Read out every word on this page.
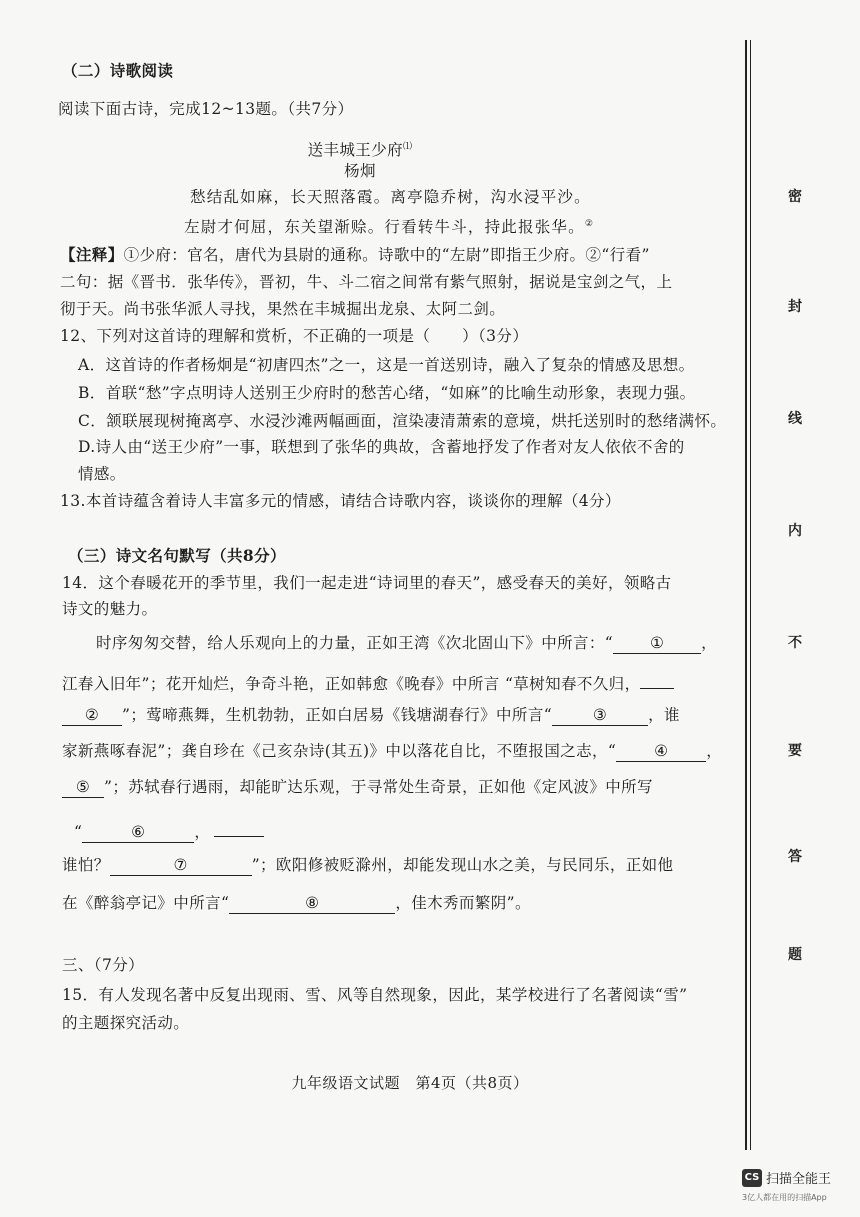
（二）诗歌阅读
阅读下面古诗，完成12~13题。（共7分）
送丰城王少府⑴
杨炯
愁结乱如麻，长天照落霞。离亭隐乔树，沟水浸平沙。
左尉才何屈，东关望渐赊。行看转牛斗，持此报张华。②
【注释】①少府：官名，唐代为县尉的通称。诗歌中的“左尉”即指王少府。②“行看”
二句：据《晋书．张华传》，晋初，牛、斗二宿之间常有紫气照射，据说是宝剑之气，上
彻于天。尚书张华派人寻找，果然在丰城掘出龙泉、太阿二剑。
12、下列对这首诗的理解和赏析，不正确的一项是（　　）（3分）
A．这首诗的作者杨炯是“初唐四杰”之一，这是一首送别诗，融入了复杂的情感及思想。
B．首联“愁”字点明诗人送别王少府时的愁苦心绪，“如麻”的比喻生动形象，表现力强。
C．颔联展现树掩离亭、水浸沙滩两幅画面，渲染凄清萧索的意境，烘托送别时的愁绪满怀。
D.诗人由“送王少府”一事，联想到了张华的典故，含蓄地抒发了作者对友人依依不舍的
情感。
13.本首诗蕴含着诗人丰富多元的情感，请结合诗歌内容，谈谈你的理解（4分）
（三）诗文名句默写（共8分）
14．这个春暖花开的季节里，我们一起走进“诗词里的春天”，感受春天的美好，领略古
诗文的魅力。
时序匆匆交替，给人乐观向上的力量，正如王湾《次北固山下》中所言：“ ① ，
江春入旧年”；花开灿烂，争奇斗艳，正如韩愈《晚春》中所言 “草树知春不久归，
② ”；莺啼燕舞，生机勃勃，正如白居易《钱塘湖春行》中所言“	③	，谁
家新燕啄春泥”；龚自珍在《己亥杂诗(其五)》中以落花自比，不堕报国之志，“ ④ ，
⑤ ”；苏轼春行遇雨，却能旷达乐观，于寻常处生奇景，正如他《定风波》中所写
“	⑥	，
谁怕？	⑦	”；欧阳修被贬滁州，却能发现山水之美，与民同乐，正如他
在《醉翁亭记》中所言“	⑧	，佳木秀而繁阴”。
三、（7分）
15．有人发现名著中反复出现雨、雪、风等自然现象，因此，某学校进行了名著阅读“雪”
的主题探究活动。
九年级语文试题　第4页（共8页）
密
封
线
内
不
要
答
题
CS 扫描全能王
3亿人都在用的扫描App
